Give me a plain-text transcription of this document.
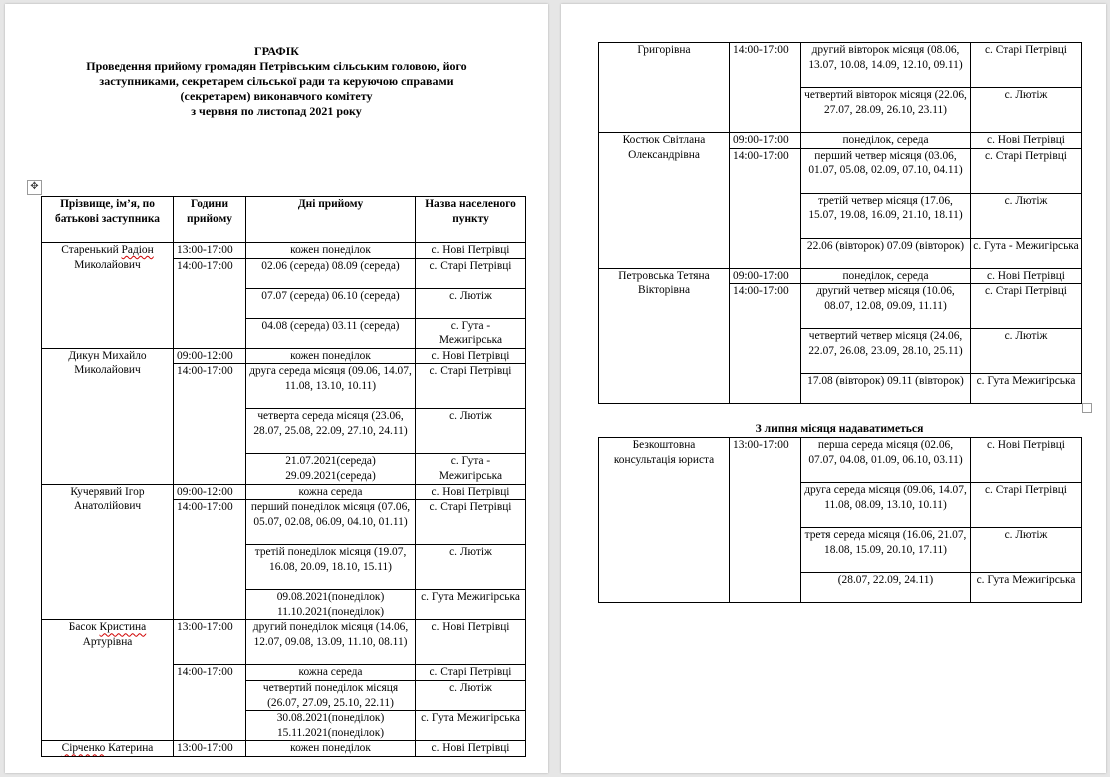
ГРАФІК
Проведення прийому громадян Петрівським сільським головою, його
заступниками, секретарем сільської ради та керуючою справами
(секретарем) виконавчого комітету
з червня по листопад 2021 року
✥
Прізвище, ім’я, по батькові заступника	Години прийому	Дні прийому	Назва населеного пункту
Старенький Радіон Миколайович	13:00-17:00	кожен понеділок	с. Нові Петрівці
	14:00-17:00	02.06 (середа) 08.09 (середа)	с. Старі Петрівці
		07.07 (середа) 06.10 (середа)	с. Лютіж
		04.08 (середа) 03.11 (середа)	с. Гута - Межигірська
Дикун Михайло Миколайович	09:00-12:00	кожен понеділок	с. Нові Петрівці
	14:00-17:00	друга середа місяця (09.06, 14.07, 11.08, 13.10, 10.11)	с. Старі Петрівці
		четверта середа місяця (23.06, 28.07, 25.08, 22.09, 27.10, 24.11)	с. Лютіж
		21.07.2021(середа) 29.09.2021(середа)	с. Гута - Межигірська
Кучерявий Ігор Анатолійович	09:00-12:00	кожна середа	с. Нові Петрівці
	14:00-17:00	перший понеділок місяця (07.06, 05.07, 02.08, 06.09, 04.10, 01.11)	с. Старі Петрівці
		третій понеділок місяця (19.07, 16.08, 20.09, 18.10, 15.11)	с. Лютіж
		09.08.2021(понеділок) 11.10.2021(понеділок)	с. Гута Межигірська
Басок Кристина Артурівна	13:00-17:00	другий понеділок місяця (14.06, 12.07, 09.08, 13.09, 11.10, 08.11)	с. Нові Петрівці
	14:00-17:00	кожна середа	с. Старі Петрівці
		четвертий понеділок місяця (26.07, 27.09, 25.10, 22.11)	с. Лютіж
		30.08.2021(понеділок) 15.11.2021(понеділок)	с. Гута Межигірська
Сірченко Катерина	13:00-17:00	кожен понеділок	с. Нові Петрівці
Григорівна	14:00-17:00	другий вівторок місяця (08.06, 13.07, 10.08, 14.09, 12.10, 09.11)	с. Старі Петрівці
		четвертий вівторок місяця (22.06, 27.07, 28.09, 26.10, 23.11)	с. Лютіж
Костюк Світлана Олександрівна	09:00-17:00	понеділок, середа	с. Нові Петрівці
	14:00-17:00	перший четвер місяця (03.06, 01.07, 05.08, 02.09, 07.10, 04.11)	с. Старі Петрівці
		третій четвер місяця (17.06, 15.07, 19.08, 16.09, 21.10, 18.11)	с. Лютіж
		22.06 (вівторок) 07.09 (вівторок)	с. Гута - Межигірська
Петровська Тетяна Вікторівна	09:00-17:00	понеділок, середа	с. Нові Петрівці
	14:00-17:00	другий четвер місяця (10.06, 08.07, 12.08, 09.09, 11.11)	с. Старі Петрівці
		четвертий четвер місяця (24.06, 22.07, 26.08, 23.09, 28.10, 25.11)	с. Лютіж
		17.08 (вівторок) 09.11 (вівторок)	с. Гута Межигірська
З липня місяця надаватиметься
Безкоштовна консультація юриста	13:00-17:00	перша середа місяця (02.06, 07.07, 04.08, 01.09, 06.10, 03.11)	с. Нові Петрівці
		друга середа місяця (09.06, 14.07, 11.08, 08.09, 13.10, 10.11)	с. Старі Петрівці
		третя середа місяця (16.06, 21.07, 18.08, 15.09, 20.10, 17.11)	с. Лютіж
		(28.07, 22.09, 24.11)	с. Гута Межигірська
